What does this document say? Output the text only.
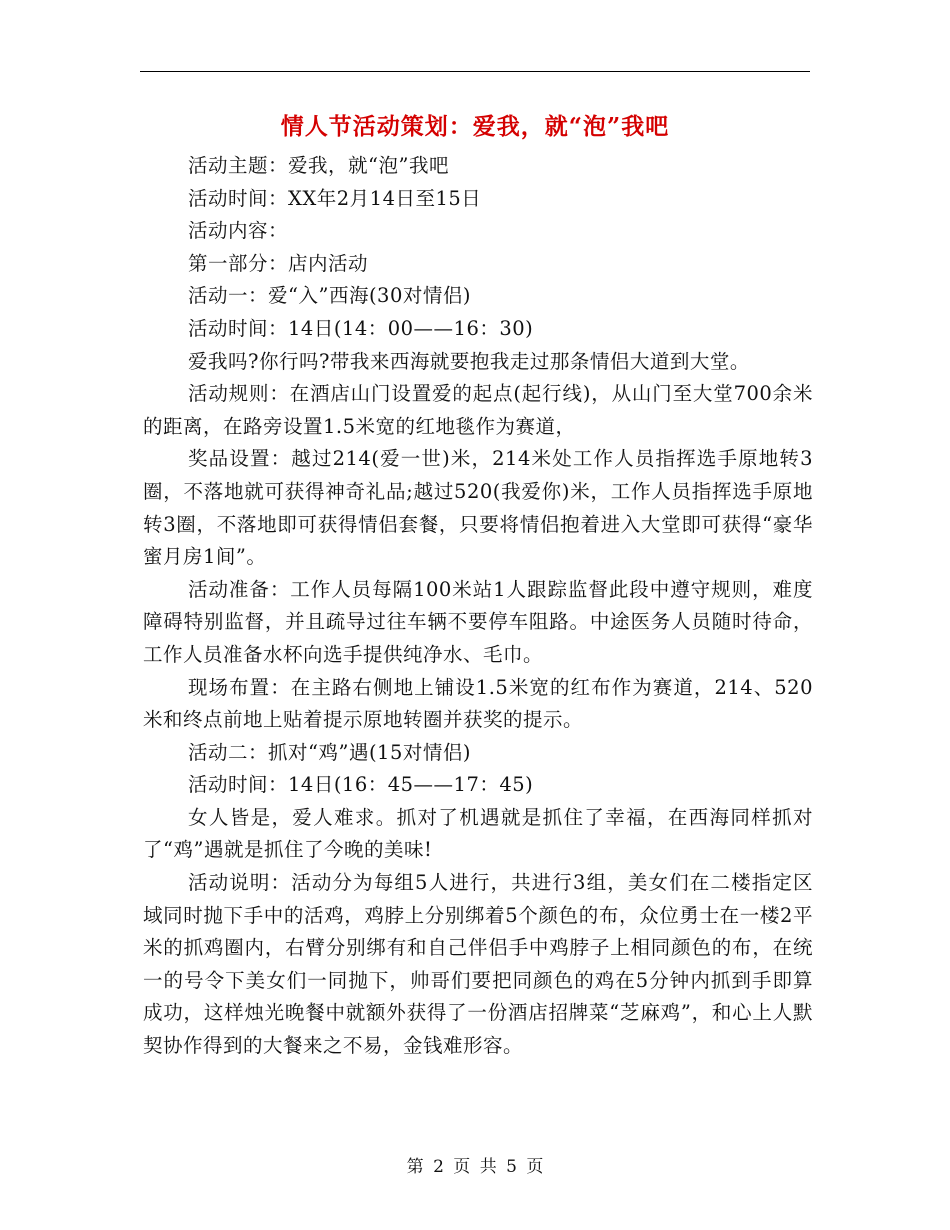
情人节活动策划：爱我，就“泡”我吧

活动主题：爱我，就“泡”我吧

活动时间：XX年2月14日至15日

活动内容：

第一部分：店内活动

活动一：爱“入”西海(30对情侣)

活动时间：14日(14：00——16：30)

爱我吗?你行吗?带我来西海就要抱我走过那条情侣大道到大堂。

活动规则：在酒店山门设置爱的起点(起行线)，从山门至大堂700余米的距离，在路旁设置1.5米宽的红地毯作为赛道，

奖品设置：越过214(爱一世)米，214米处工作人员指挥选手原地转3圈，不落地就可获得神奇礼品;越过520(我爱你)米，工作人员指挥选手原地转3圈，不落地即可获得情侣套餐，只要将情侣抱着进入大堂即可获得“豪华蜜月房1间”。

活动准备：工作人员每隔100米站1人跟踪监督此段中遵守规则，难度障碍特别监督，并且疏导过往车辆不要停车阻路。中途医务人员随时待命，工作人员准备水杯向选手提供纯净水、毛巾。

现场布置：在主路右侧地上铺设1.5米宽的红布作为赛道，214、520米和终点前地上贴着提示原地转圈并获奖的提示。

活动二：抓对“鸡”遇(15对情侣)

活动时间：14日(16：45——17：45)

女人皆是，爱人难求。抓对了机遇就是抓住了幸福，在西海同样抓对了“鸡”遇就是抓住了今晚的美味!

活动说明：活动分为每组5人进行，共进行3组，美女们在二楼指定区域同时抛下手中的活鸡，鸡脖上分别绑着5个颜色的布，众位勇士在一楼2平米的抓鸡圈内，右臂分别绑有和自己伴侣手中鸡脖子上相同颜色的布，在统一的号令下美女们一同抛下，帅哥们要把同颜色的鸡在5分钟内抓到手即算成功，这样烛光晚餐中就额外获得了一份酒店招牌菜“芝麻鸡”，和心上人默契协作得到的大餐来之不易，金钱难形容。

第 2 页 共 5 页
